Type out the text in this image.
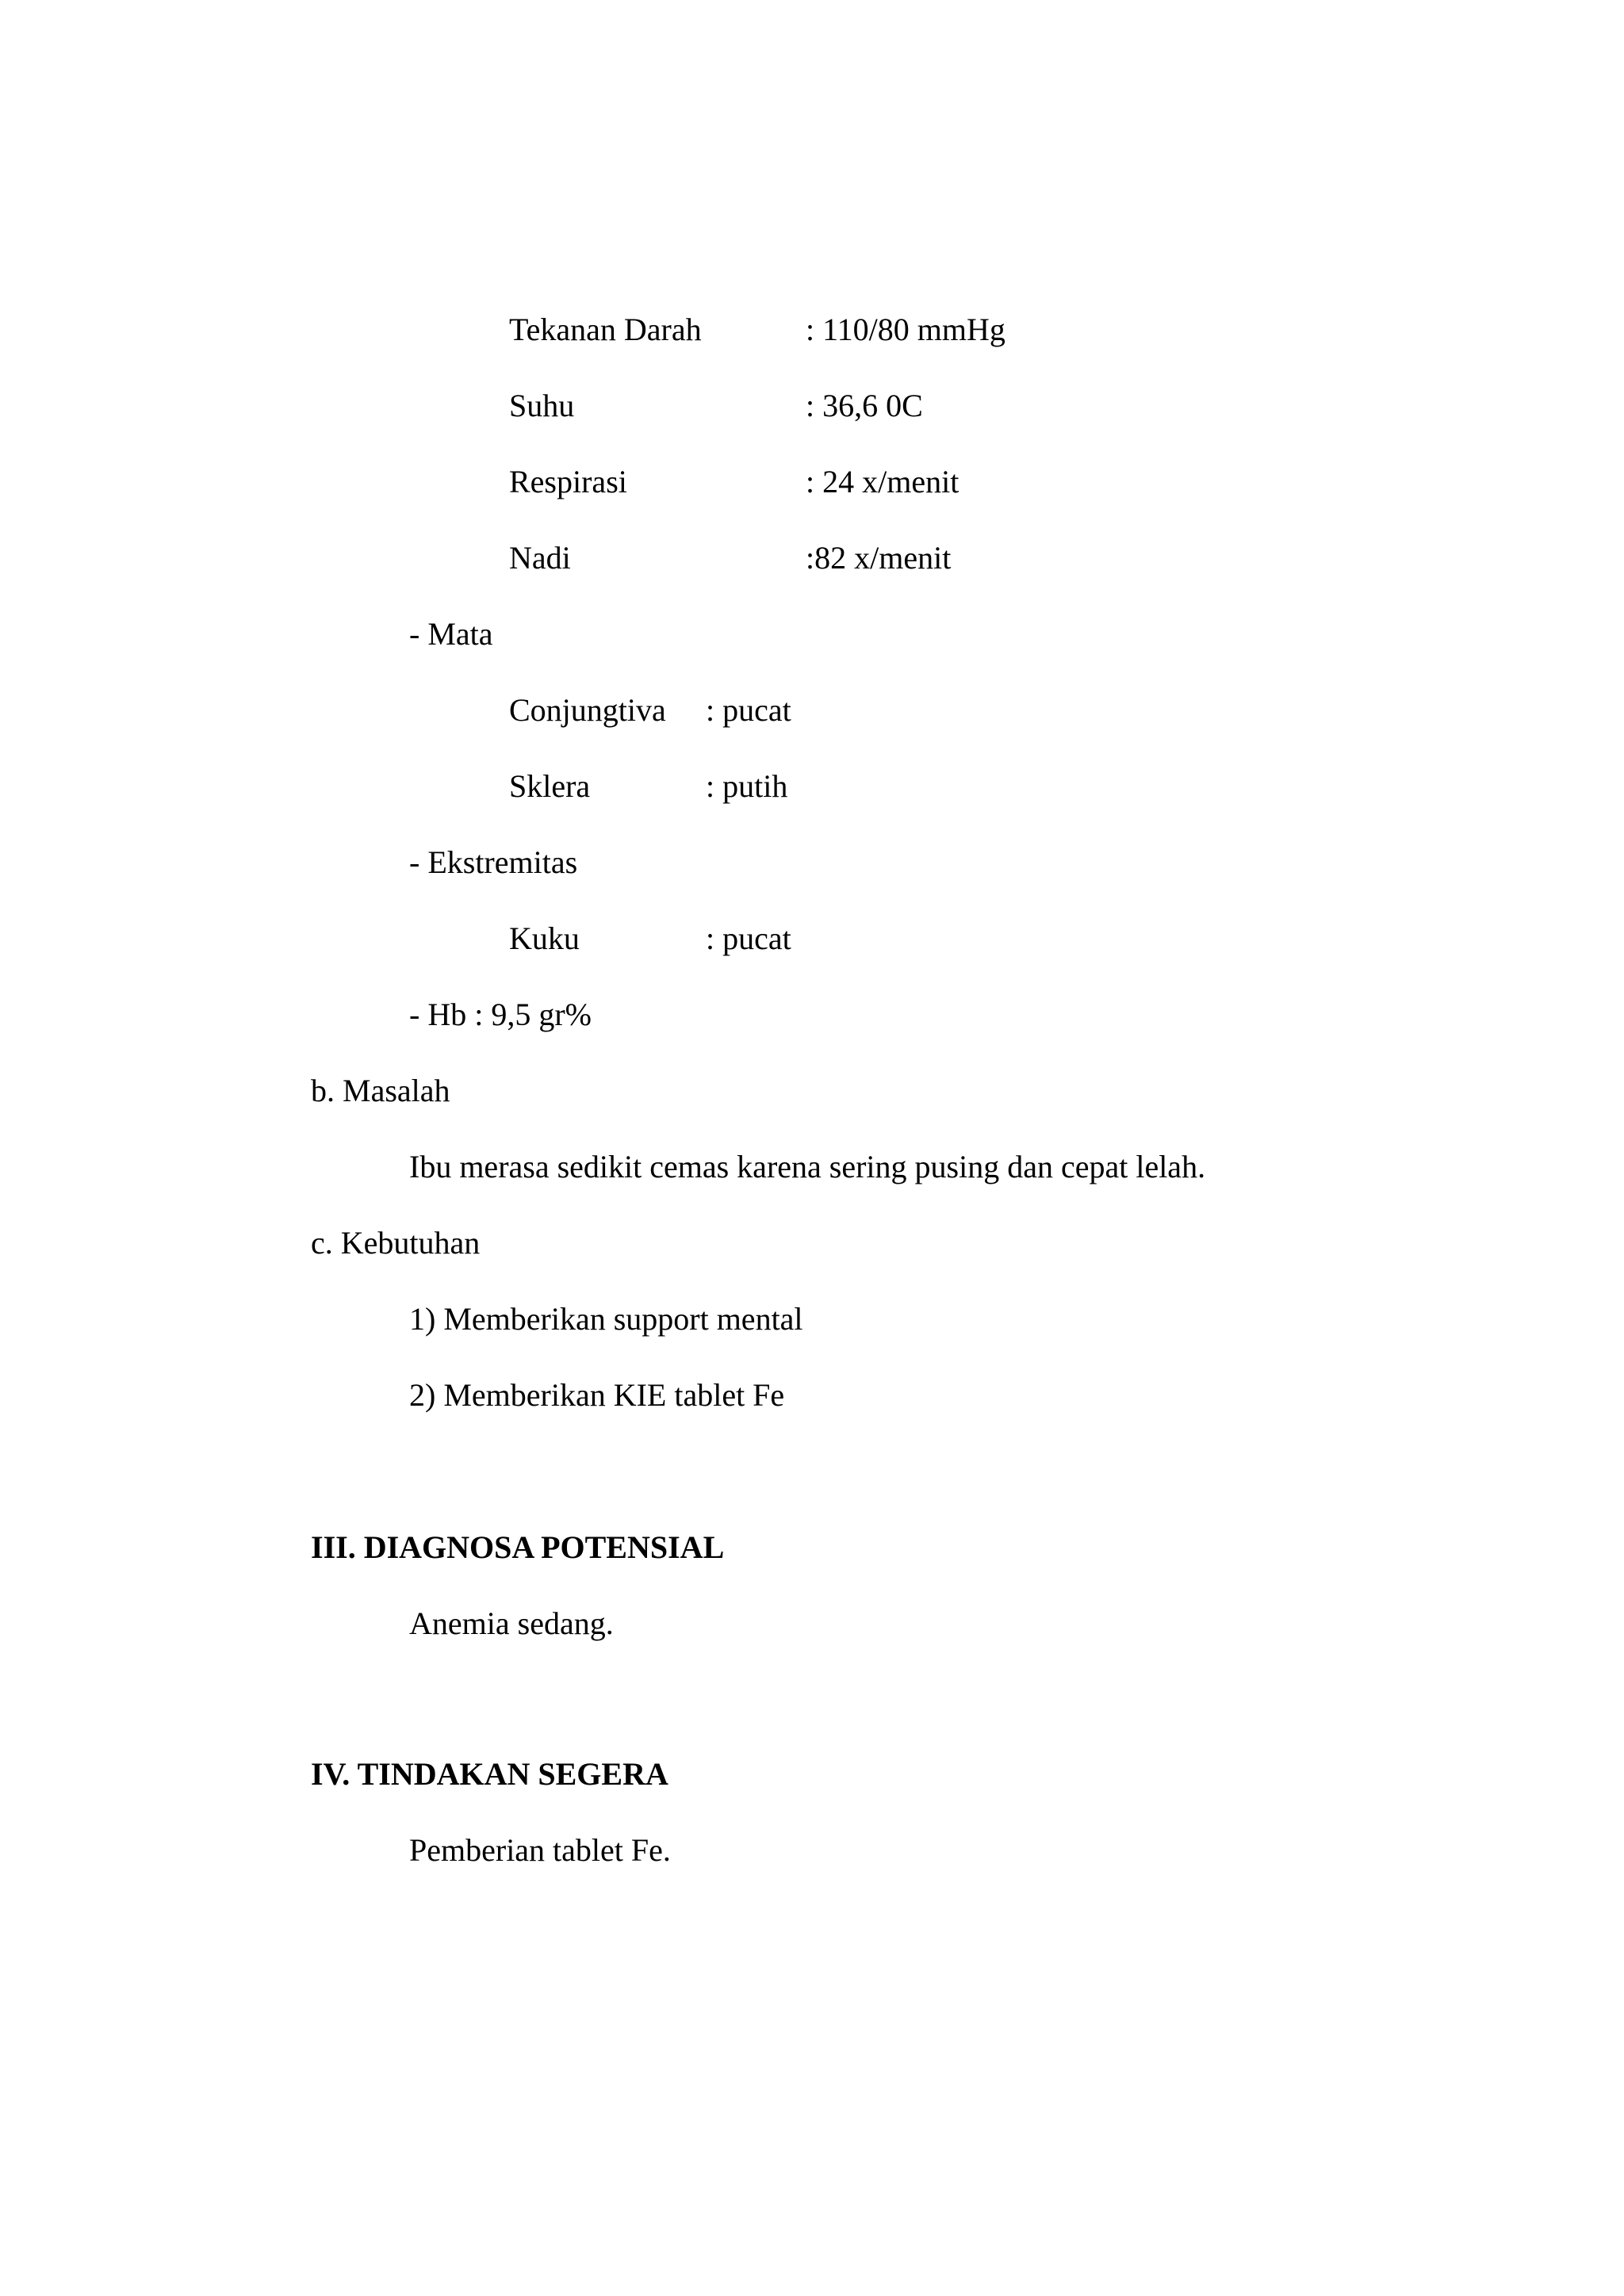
Tekanan Darah	: 110/80 mmHg
Suhu	: 36,6 0C
Respirasi	: 24 x/menit
Nadi	:82 x/menit
- Mata
Conjungtiva : pucat
Sklera	: putih
- Ekstremitas
Kuku	: pucat
- Hb : 9,5 gr%
b. Masalah
Ibu merasa sedikit cemas karena sering pusing dan cepat lelah.
c. Kebutuhan
1) Memberikan support mental
2) Memberikan KIE tablet Fe
III. DIAGNOSA POTENSIAL
Anemia sedang.
IV. TINDAKAN SEGERA
Pemberian tablet Fe.
